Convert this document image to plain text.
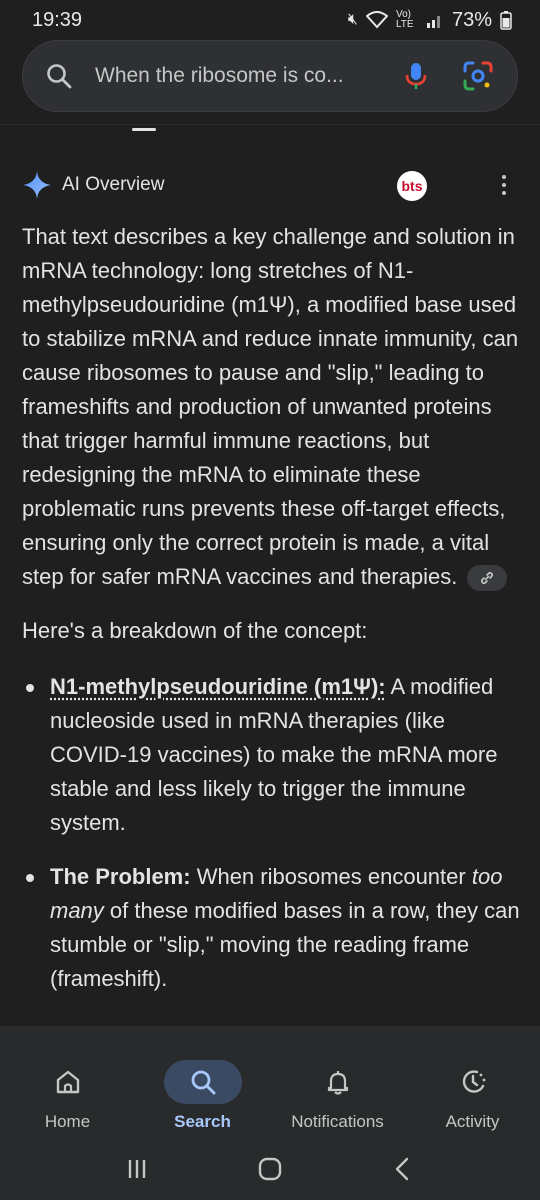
19:39	🔇︎	Vo) LTE 73%
When the ribosome is co...
AI Overview	bts

That text describes a key challenge and solution in mRNA technology: long stretches of N1-methylpseudouridine (m1Ψ), a modified base used to stabilize mRNA and reduce innate immunity, can cause ribosomes to pause and "slip," leading to frameshifts and production of unwanted proteins that trigger harmful immune reactions, but redesigning the mRNA to eliminate these problematic runs prevents these off-target effects, ensuring only the correct protein is made, a vital step for safer mRNA vaccines and therapies.

Here's a breakdown of the concept:

N1-methylpseudouridine (m1Ψ): A modified nucleoside used in mRNA therapies (like COVID-19 vaccines) to make the mRNA more stable and less likely to trigger the immune system.
The Problem: When ribosomes encounter too many of these modified bases in a row, they can stumble or "slip," moving the reading frame (frameshift).
Home	Search	Notifications	Activity
